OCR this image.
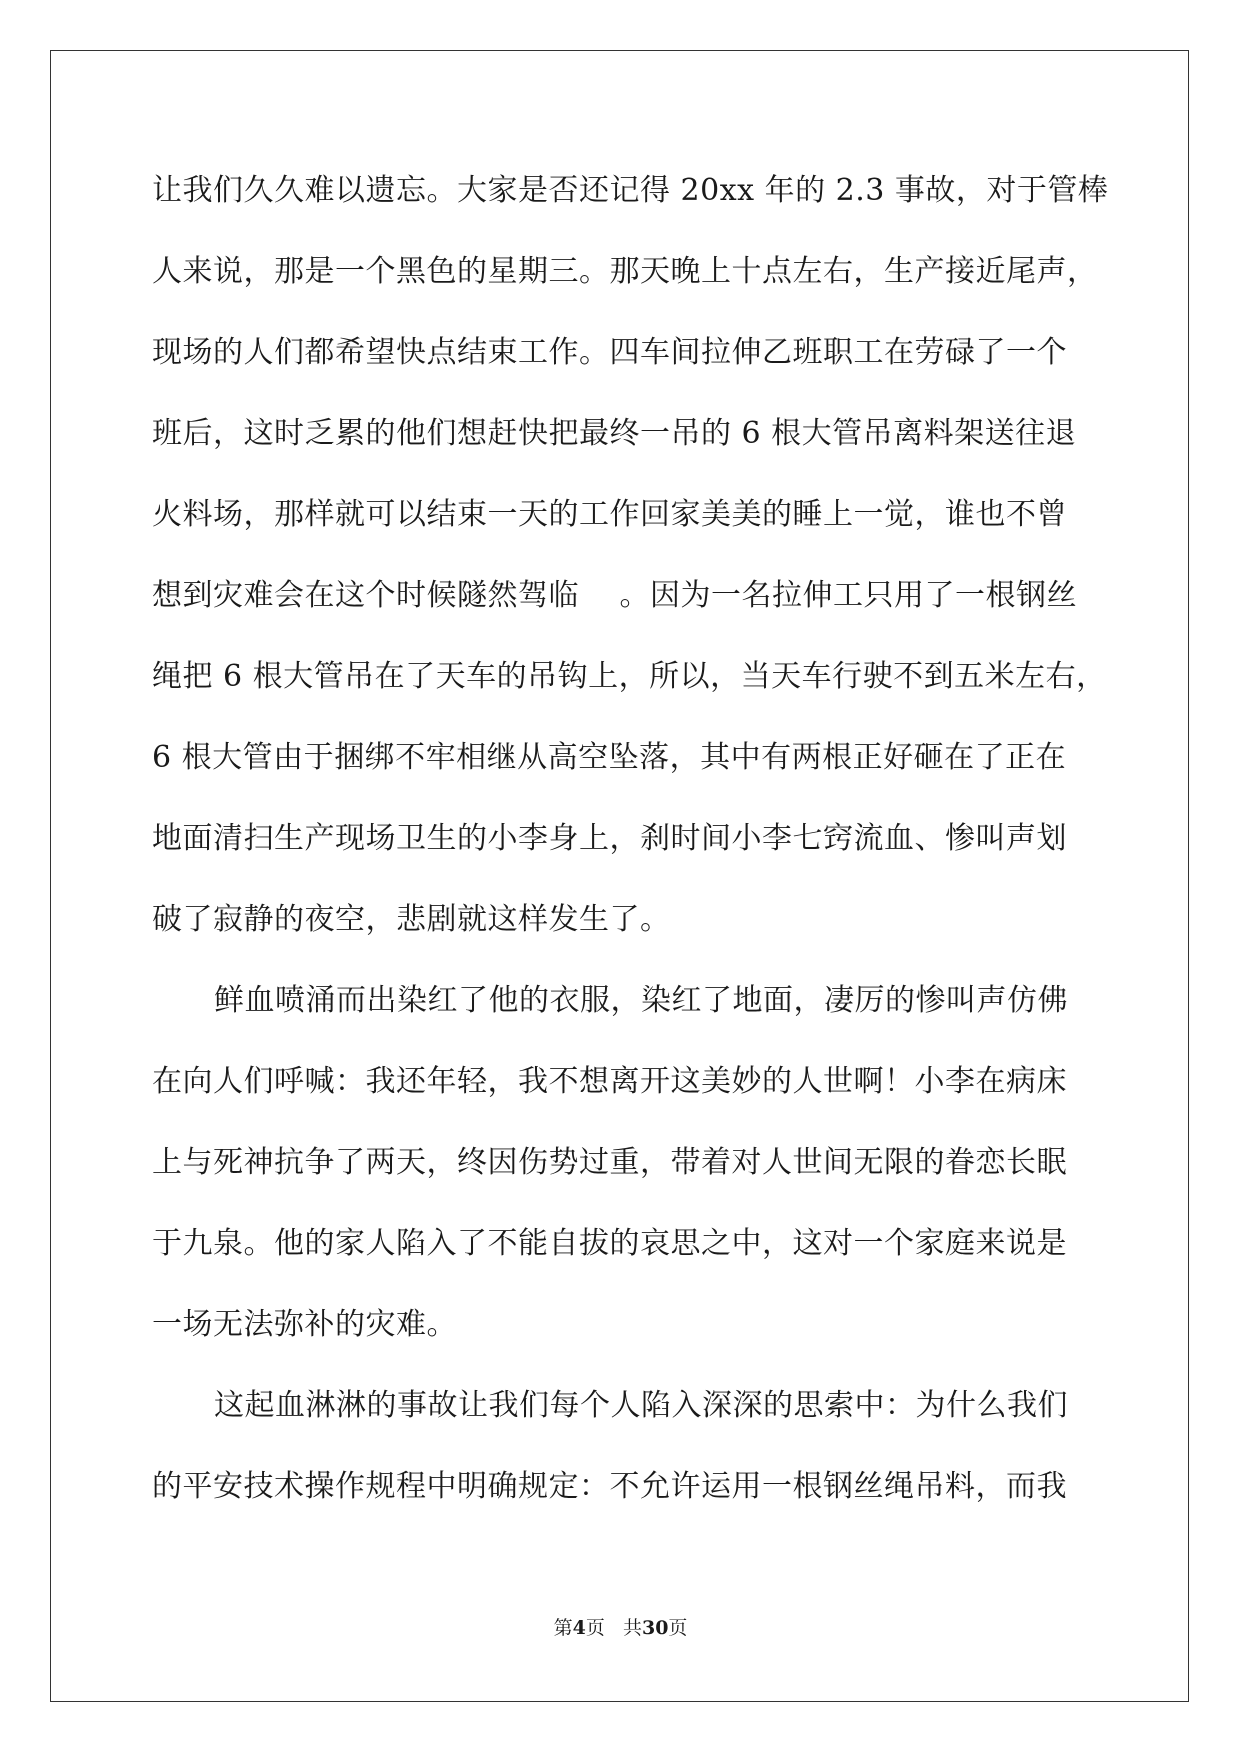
让我们久久难以遗忘。大家是否还记得 20xx 年的 2.3 事故，对于管棒
人来说，那是一个黑色的星期三。那天晚上十点左右，生产接近尾声，
现场的人们都希望快点结束工作。四车间拉伸乙班职工在劳碌了一个
班后，这时乏累的他们想赶快把最终一吊的 6 根大管吊离料架送往退
火料场，那样就可以结束一天的工作回家美美的睡上一觉，谁也不曾
想到灾难会在这个时候隧然驾临　 。因为一名拉伸工只用了一根钢丝
绳把 6 根大管吊在了天车的吊钩上，所以，当天车行驶不到五米左右，
6 根大管由于捆绑不牢相继从高空坠落，其中有两根正好砸在了正在
地面清扫生产现场卫生的小李身上，刹时间小李七窍流血、惨叫声划
破了寂静的夜空，悲剧就这样发生了。
鲜血喷涌而出染红了他的衣服，染红了地面，凄厉的惨叫声仿佛
在向人们呼喊：我还年轻，我不想离开这美妙的人世啊！小李在病床
上与死神抗争了两天，终因伤势过重，带着对人世间无限的眷恋长眠
于九泉。他的家人陷入了不能自拔的哀思之中，这对一个家庭来说是
一场无法弥补的灾难。
这起血淋淋的事故让我们每个人陷入深深的思索中：为什么我们
的平安技术操作规程中明确规定：不允许运用一根钢丝绳吊料，而我
第4页 共30页
